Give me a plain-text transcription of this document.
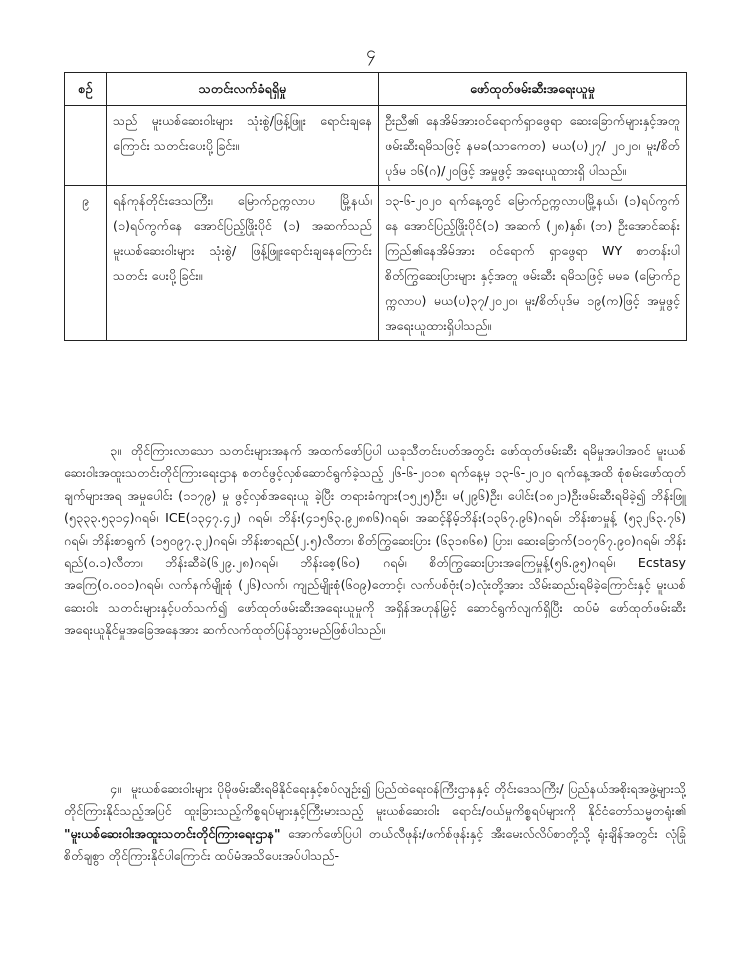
၄
စဉ်	သတင်းလက်ခံရရှိမှု	ဖော်ထုတ်ဖမ်းဆီးအရေးယူမှု
	သည် မူးယစ်ဆေးဝါးများ သုံးစွဲ/ဖြန့်ဖြူး ရောင်းချနေကြောင်း သတင်းပေးပို့ခြင်း။	ဦးညီ၏ နေအိမ်အားဝင်ရောက်ရှာဖွေရာ ဆေးခြောက်များနှင့်အတူ ဖမ်းဆီးရမိသဖြင့် နမခ(သာကေတ) မယ(ပ)၂၇/ ၂၀၂၀၊ မူး/စိတ်ပုဒ်မ ၁၆(ဂ)/၂၀ဖြင့် အမှုဖွင့် အရေးယူထားရှိ ပါသည်။
၉	ရန်ကုန်တိုင်းဒေသကြီး၊ မြောက်ဥက္ကလာပ မြို့နယ်၊ (၁)ရပ်ကွက်နေ အောင်ပြည့်ဖြိုးပိုင် (၁) အဆက်သည် မူးယစ်ဆေးဝါးများ သုံးစွဲ/ ဖြန့်ဖြူးရောင်းချနေကြောင်း သတင်း ပေးပို့ခြင်း။	၁၃-၆-၂၀၂၀ ရက်နေ့တွင် မြောက်ဥက္ကလာပမြို့နယ်၊ (၁)ရပ်ကွက်နေ အောင်ပြည့်ဖြိုးပိုင်(၁) အဆက် (၂၈)နှစ်၊ (ဘ) ဦးအောင်ဆန်းကြည်၏နေအိမ်အား ဝင်ရောက် ရှာဖွေရာ WY စာတန်းပါ စိတ်ကြွဆေးပြားများ နှင့်အတူ ဖမ်းဆီး ရမိသဖြင့် မမခ (မြောက်ဥက္ကလာပ) မယ(ပ)၃၇/၂၀၂၀၊ မူး/စိတ်ပုဒ်မ ၁၉(က)ဖြင့် အမှုဖွင့် အရေးယူထားရှိပါသည်။

၃။ တိုင်ကြားလာသော သတင်းများအနက် အထက်ဖော်ပြပါ ယခုသီတင်းပတ်အတွင်း ဖော်ထုတ်ဖမ်းဆီး ရမိမှုအပါအဝင် မူးယစ်ဆေးဝါးအထူးသတင်းတိုင်ကြားရေးဌာန စတင်ဖွင့်လှစ်ဆောင်ရွက်ခဲ့သည့် ၂၆-၆-၂၀၁၈ ရက်နေ့မှ ၁၃-၆-၂၀၂၀ ရက်နေ့အထိ စုံစမ်းဖော်ထုတ်ချက်များအရ အမှုပေါင်း (၁၁၇၉) မှု ဖွင့်လှစ်အရေးယူ ခဲ့ပြီး တရားခံကျား(၁၅၂၅)ဦး၊ မ(၂၉၆)ဦး၊ ပေါင်း(၁၈၂၁)ဦးဖမ်းဆီးရမိခဲ့၍ ဘိန်းဖြူ (၅၃၃၃.၅၃၁၄)ဂရမ်၊ ICE(၁၃၄၇.၄၂) ဂရမ်၊ ဘိန်း(၄၁၅၆၃.၉၂၈၈၆)ဂရမ်၊ အဆင့်နိမ့်ဘိန်း(၁၃၆၇.၉၆)ဂရမ်၊ ဘိန်းစာမှုန့် (၅၃၂၆၃.၇၆) ဂရမ်၊ ဘိန်းစာရွက် (၁၅၀၉၇.၃၂)ဂရမ်၊ ဘိန်းစာရည်(၂.၅)လီတာ၊ စိတ်ကြွဆေးပြား (၆၃၁၈၆၈) ပြား၊ ဆေးခြောက်(၁၀၇၆၇.၉၀)ဂရမ်၊ ဘိန်းရည်(၀.၁)လီတာ၊ ဘိန်းဆီခဲ(၆၂၉.၂၈)ဂရမ်၊ ဘိန်းစေ့(၆၀) ဂရမ်၊ စိတ်ကြွဆေးပြားအကြေမှုန့်(၅၆.၉၅)ဂရမ်၊ Ecstasy အကြေ(၀.၀၀၁)ဂရမ်၊ လက်နက်မျိုးစုံ (၂၆)လက်၊ ကျည်မျိုးစုံ(၆၀၉)တောင့်၊ လက်ပစ်ဗုံး(၁)လုံးတို့အား သိမ်းဆည်းရမိခဲ့ကြောင်းနှင့် မူးယစ်ဆေးဝါး သတင်းများနှင့်ပတ်သက်၍ ဖော်ထုတ်ဖမ်းဆီးအရေးယူမှုကို အရှိန်အဟုန်မြှင့် ဆောင်ရွက်လျက်ရှိပြီး ထပ်မံ ဖော်ထုတ်ဖမ်းဆီးအရေးယူနိုင်မှုအခြေအနေအား ဆက်လက်ထုတ်ပြန်သွားမည်ဖြစ်ပါသည်။

၄။ မူးယစ်ဆေးဝါးများ ပိုမိုဖမ်းဆီးရမိနိုင်ရေးနှင့်စပ်လျဉ်း၍ ပြည်ထဲရေးဝန်ကြီးဌာနနှင့် တိုင်းဒေသကြီး/ ပြည်နယ်အစိုးရအဖွဲ့များသို့ တိုင်ကြားနိုင်သည့်အပြင် ထူးခြားသည့်ကိစ္စရပ်များနှင့်ကြီးမားသည့် မူးယစ်ဆေးဝါး ရောင်း/ဝယ်မှုကိစ္စရပ်များကို နိုင်ငံတော်သမ္မတရုံး၏ "မူးယစ်ဆေးဝါးအထူးသတင်းတိုင်ကြားရေးဌာန" အောက်ဖော်ပြပါ တယ်လီဖုန်း/ဖက်စ်ဖုန်းနှင့် အီးမေးလ်လိပ်စာတို့သို့ ရုံးချိန်အတွင်း လုံခြုံစိတ်ချစွာ တိုင်ကြားနိုင်ပါကြောင်း ထပ်မံအသိပေးအပ်ပါသည်-
